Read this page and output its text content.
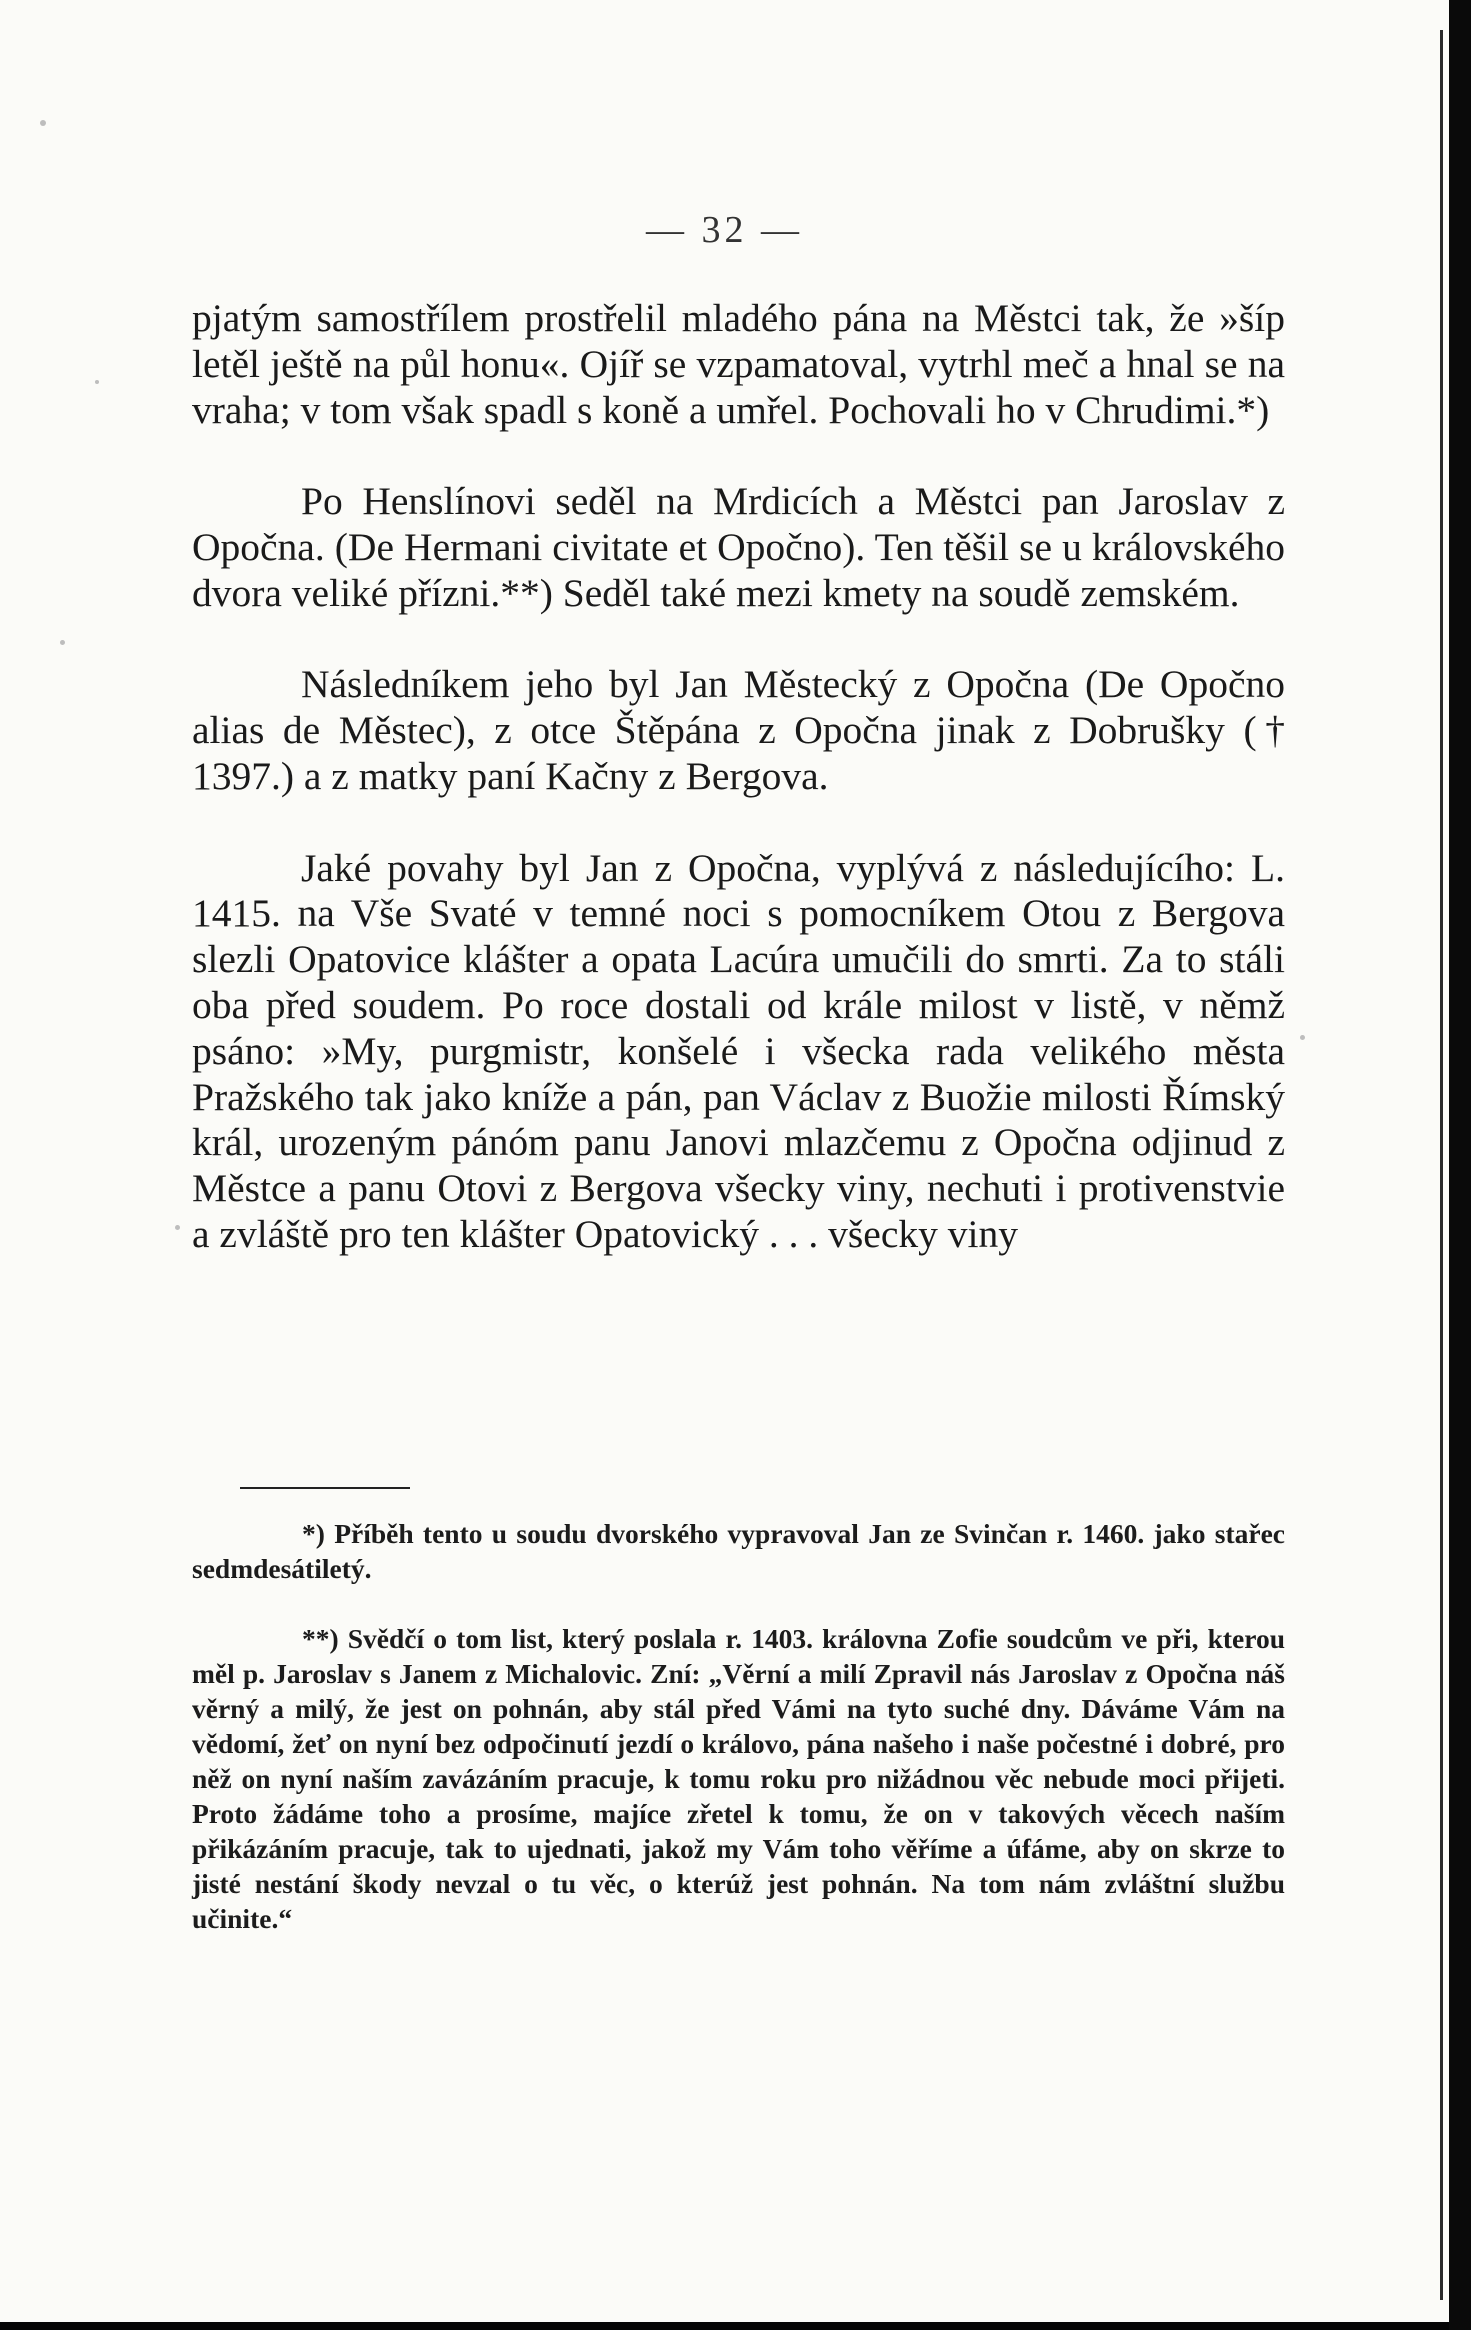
— 32 —

pjatým samostřílem prostřelil mladého pána na Městci tak, že »šíp letěl ještě na půl honu«. Ojíř se vzpamatoval, vytrhl meč a hnal se na vraha; v tom však spadl s koně a umřel. Pochovali ho v Chrudimi.*)

Po Henslínovi seděl na Mrdicích a Městci pan Jaroslav z Opočna. (De Hermani civitate et Opočno). Ten těšil se u královského dvora veliké přízni.**) Seděl také mezi kmety na soudě zemském.

Následníkem jeho byl Jan Městecký z Opočna (De Opočno alias de Městec), z otce Štěpána z Opočna jinak z Dobrušky († 1397.) a z matky paní Kačny z Bergova.

Jaké povahy byl Jan z Opočna, vyplývá z následujícího: L. 1415. na Vše Svaté v temné noci s pomocníkem Otou z Bergova slezli Opatovice klášter a opata Lacúra umučili do smrti. Za to stáli oba před soudem. Po roce dostali od krále milost v listě, v němž psáno: »My, purgmistr, konšelé i všecka rada velikého města Pražského tak jako kníže a pán, pan Václav z Buožie milosti Římský král, urozeným pánóm panu Janovi mlazčemu z Opočna odjinud z Městce a panu Otovi z Bergova všecky viny, nechuti i protivenstvie a zvláště pro ten klášter Opatovický . . . všecky viny

*) Příběh tento u soudu dvorského vypravoval Jan ze Svinčan r. 1460. jako stařec sedmdesátiletý.

**) Svědčí o tom list, který poslala r. 1403. královna Zofie soudcům ve při, kterou měl p. Jaroslav s Janem z Michalovic. Zní: „Věrní a milí Zpravil nás Jaroslav z Opočna náš věrný a milý, že jest on pohnán, aby stál před Vámi na tyto suché dny. Dáváme Vám na vědomí, žeť on nyní bez odpočinutí jezdí o královo, pána našeho i naše počestné i dobré, pro něž on nyní naším zavázáním pracuje, k tomu roku pro nižádnou věc nebude moci přijeti. Proto žádáme toho a prosíme, majíce zřetel k tomu, že on v takových věcech naším přikázáním pracuje, tak to ujednati, jakož my Vám toho věříme a úfáme, aby on skrze to jisté nestání škody nevzal o tu věc, o kterúž jest pohnán. Na tom nám zvláštní službu učinite.“
